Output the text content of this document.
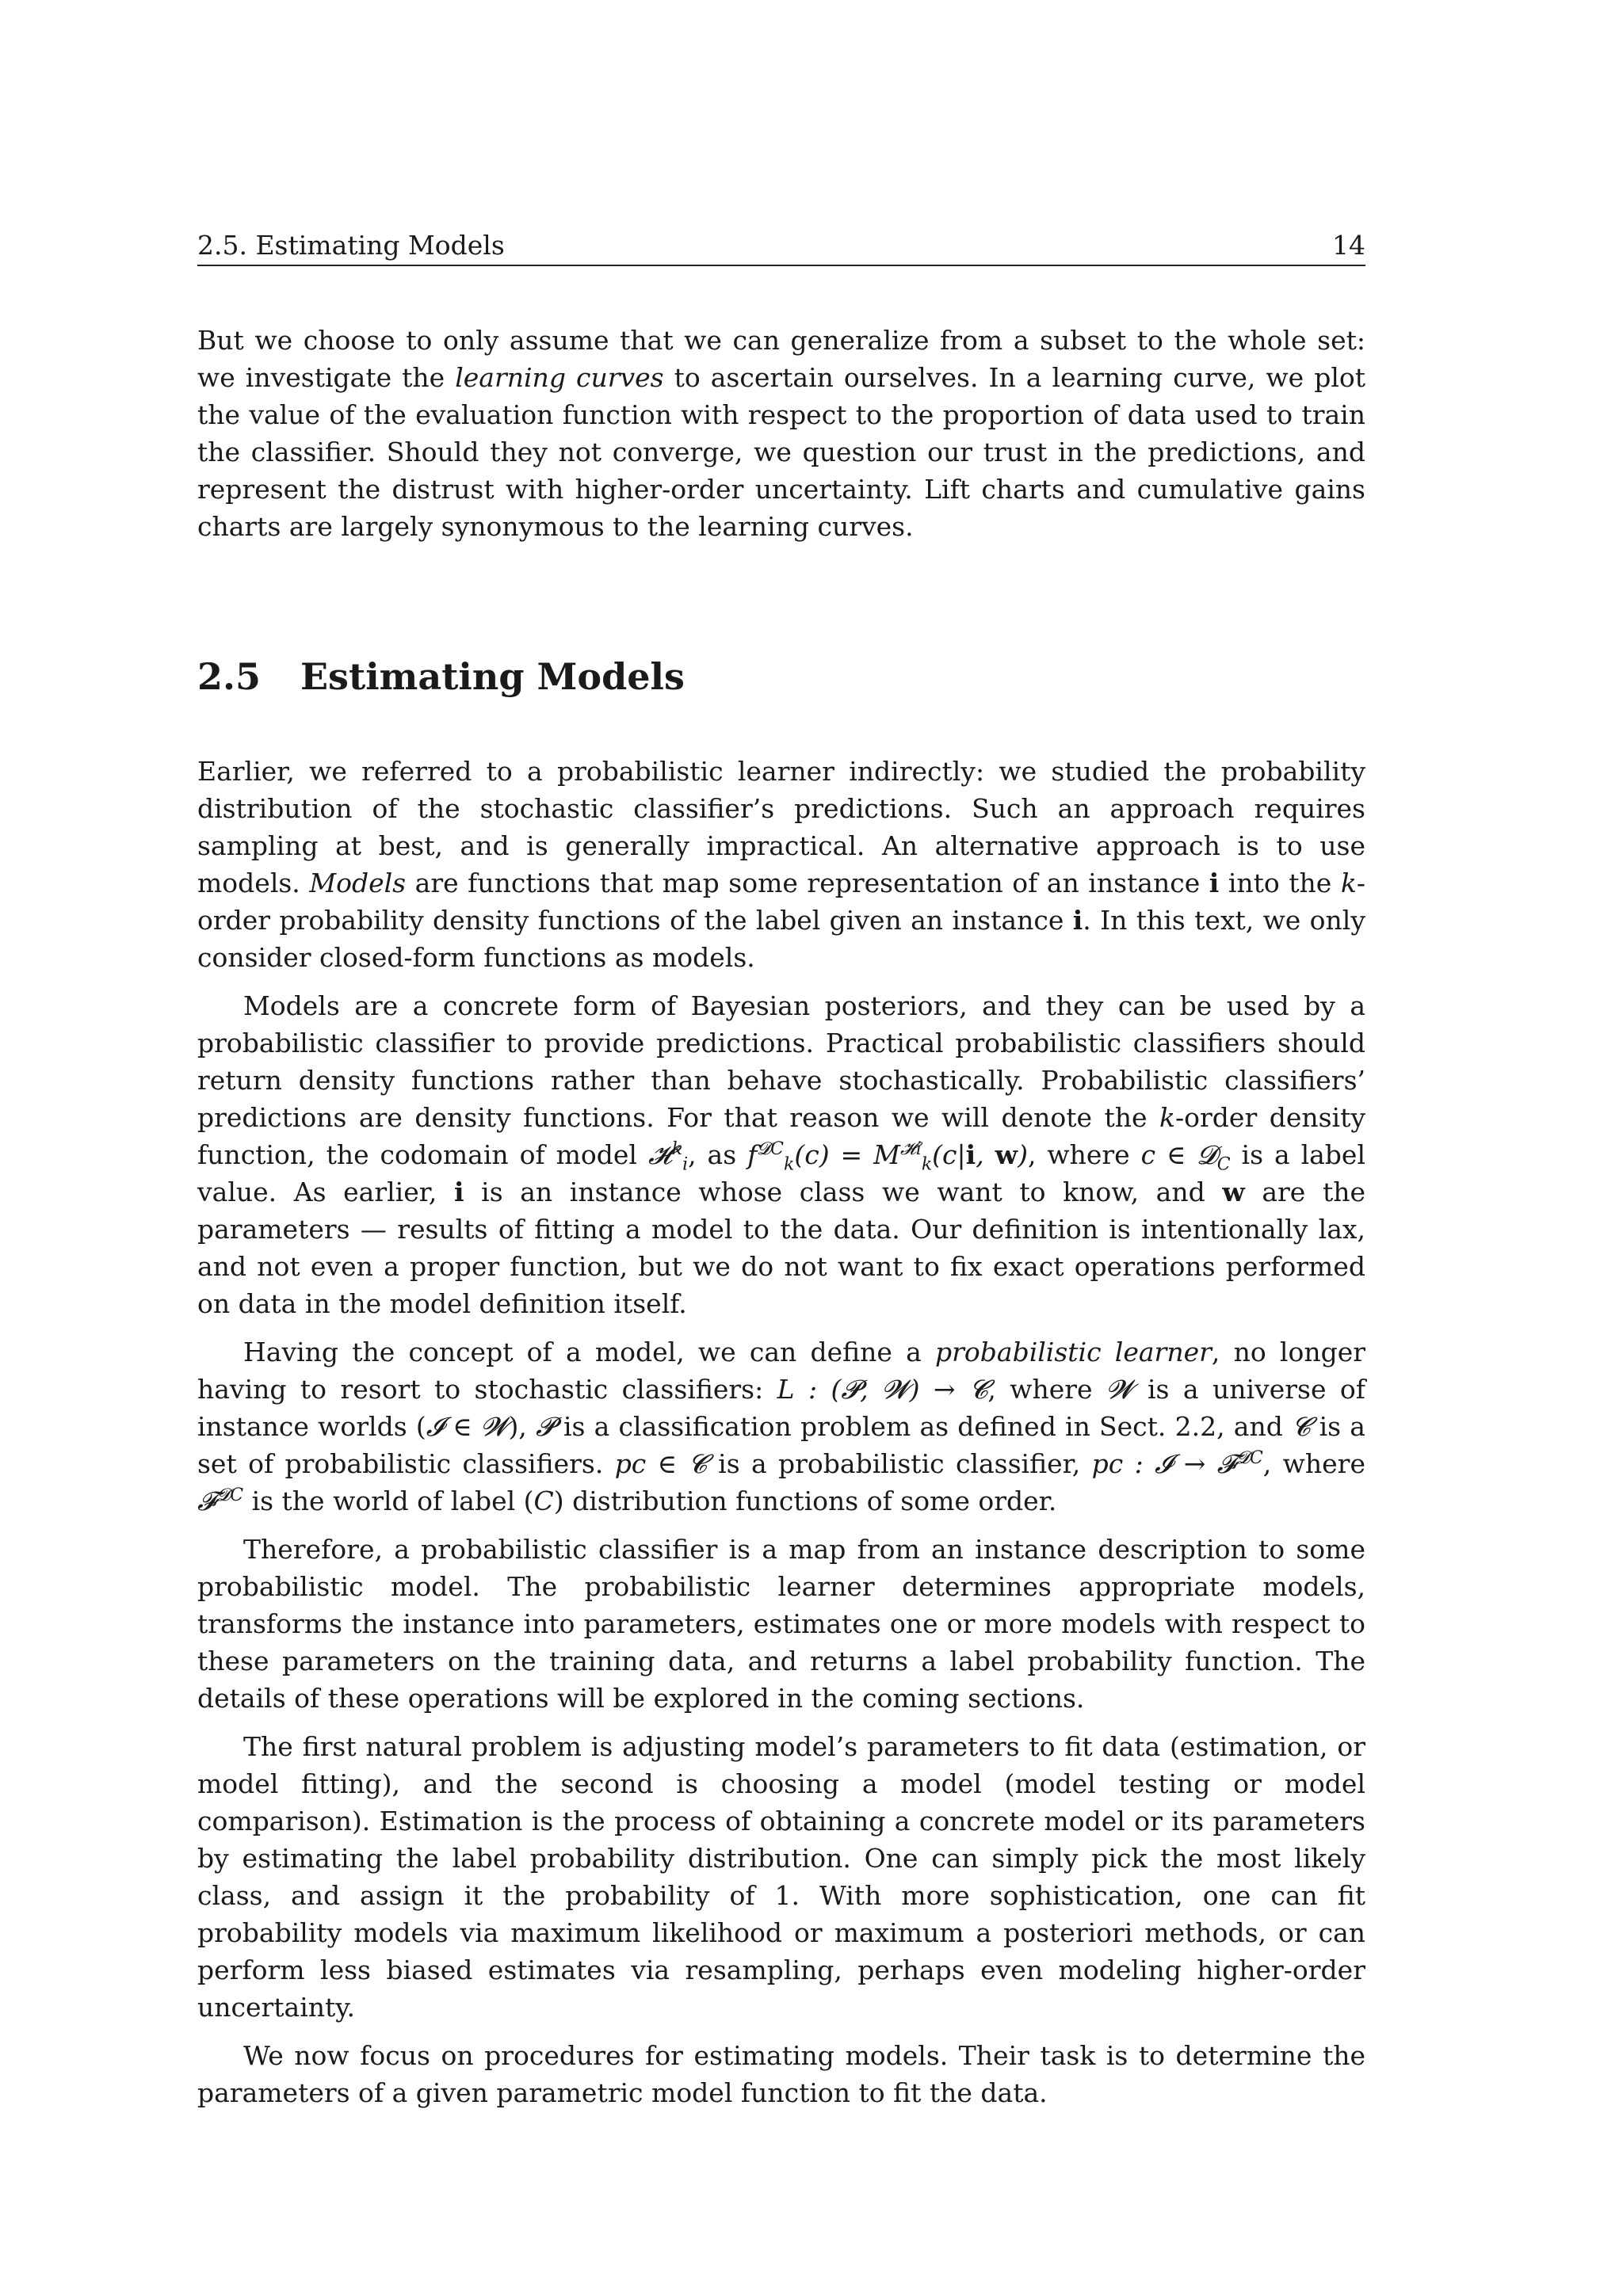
2.5. Estimating Models	14

But we choose to only assume that we can generalize from a subset to the whole set: we investigate the learning curves to ascertain ourselves. In a learning curve, we plot the value of the evaluation function with respect to the proportion of data used to train the classifier. Should they not converge, we question our trust in the predictions, and represent the distrust with higher-order uncertainty. Lift charts and cumulative gains charts are largely synonymous to the learning curves.

2.5	Estimating Models

Earlier, we referred to a probabilistic learner indirectly: we studied the probability distribution of the stochastic classifier’s predictions. Such an approach requires sampling at best, and is generally impractical. An alternative approach is to use models. Models are functions that map some representation of an instance i into the k-order probability density functions of the label given an instance i. In this text, we only consider closed-form functions as models.

Models are a concrete form of Bayesian posteriors, and they can be used by a probabilistic classifier to provide predictions. Practical probabilistic classifiers should return density functions rather than behave stochastically. Probabilistic classifiers’ predictions are density functions. For that reason we will denote the k-order density function, the codomain of model 𝓗$^k_i$, as $f^{𝓓C}_k(c) = M^{𝓗i}_k(c|i$, w), where c ∈ 𝓓$_C$ is a label value. As earlier, i is an instance whose class we want to know, and w are the parameters — results of fitting a model to the data. Our definition is intentionally lax, and not even a proper function, but we do not want to fix exact operations performed on data in the model definition itself.

Having the concept of a model, we can define a probabilistic learner, no longer having to resort to stochastic classifiers: L : (𝓟, 𝓦) → 𝓒, where 𝓦 is a universe of instance worlds (𝓘 ∈ 𝓦), 𝓟 is a classification problem as defined in Sect. 2.2, and 𝓒 is a set of probabilistic classifiers. pc ∈ 𝓒 is a probabilistic classifier, pc : 𝓘 → 𝓕$^{𝓓C}$, where 𝓕$^{𝓓C}$ is the world of label (C) distribution functions of some order.

Therefore, a probabilistic classifier is a map from an instance description to some probabilistic model. The probabilistic learner determines appropriate models, transforms the instance into parameters, estimates one or more models with respect to these parameters on the training data, and returns a label probability function. The details of these operations will be explored in the coming sections.

The first natural problem is adjusting model’s parameters to fit data (estimation, or model fitting), and the second is choosing a model (model testing or model comparison). Estimation is the process of obtaining a concrete model or its parameters by estimating the label probability distribution. One can simply pick the most likely class, and assign it the probability of 1. With more sophistication, one can fit probability models via maximum likelihood or maximum a posteriori methods, or can perform less biased estimates via resampling, perhaps even modeling higher-order uncertainty.

We now focus on procedures for estimating models. Their task is to determine the parameters of a given parametric model function to fit the data.
